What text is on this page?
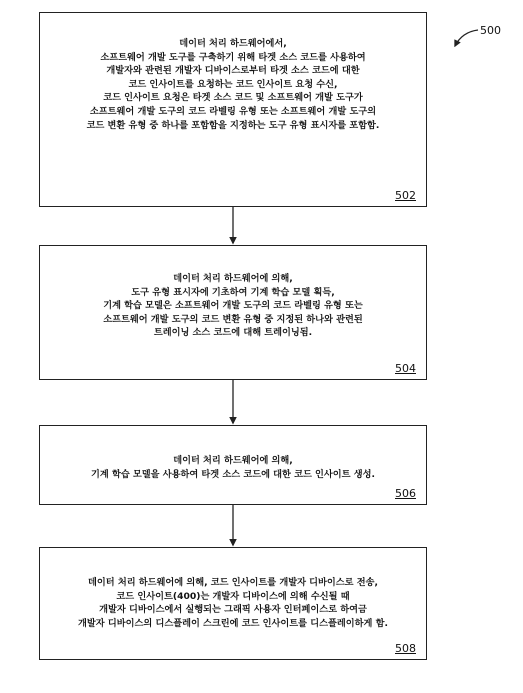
500
데이터 처리 하드웨어에서,
소프트웨어 개발 도구를 구축하기 위해 타겟 소스 코드를 사용하여
개발자와 관련된 개발자 디바이스로부터 타겟 소스 코드에 대한
코드 인사이트를 요청하는 코드 인사이트 요청 수신,
코드 인사이트 요청은 타겟 소스 코드 및 소프트웨어 개발 도구가
소프트웨어 개발 도구의 코드 라벨링 유형 또는 소프트웨어 개발 도구의
코드 변환 유형 중 하나를 포함함을 지정하는 도구 유형 표시자를 포함함.
502
데이터 처리 하드웨어에 의해,
도구 유형 표시자에 기초하여 기계 학습 모델 획득,
기계 학습 모델은 소프트웨어 개발 도구의 코드 라벨링 유형 또는
소프트웨어 개발 도구의 코드 변환 유형 중 지정된 하나와 관련된
트레이닝 소스 코드에 대해 트레이닝됨.
504
데이터 처리 하드웨어에 의해,
기계 학습 모델을 사용하여 타겟 소스 코드에 대한 코드 인사이트 생성.
506
데이터 처리 하드웨어에 의해, 코드 인사이트를 개발자 디바이스로 전송,
코드 인사이트(400)는 개발자 디바이스에 의해 수신될 때
개발자 디바이스에서 실행되는 그래픽 사용자 인터페이스로 하여금
개발자 디바이스의 디스플레이 스크린에 코드 인사이트를 디스플레이하게 함.
508
